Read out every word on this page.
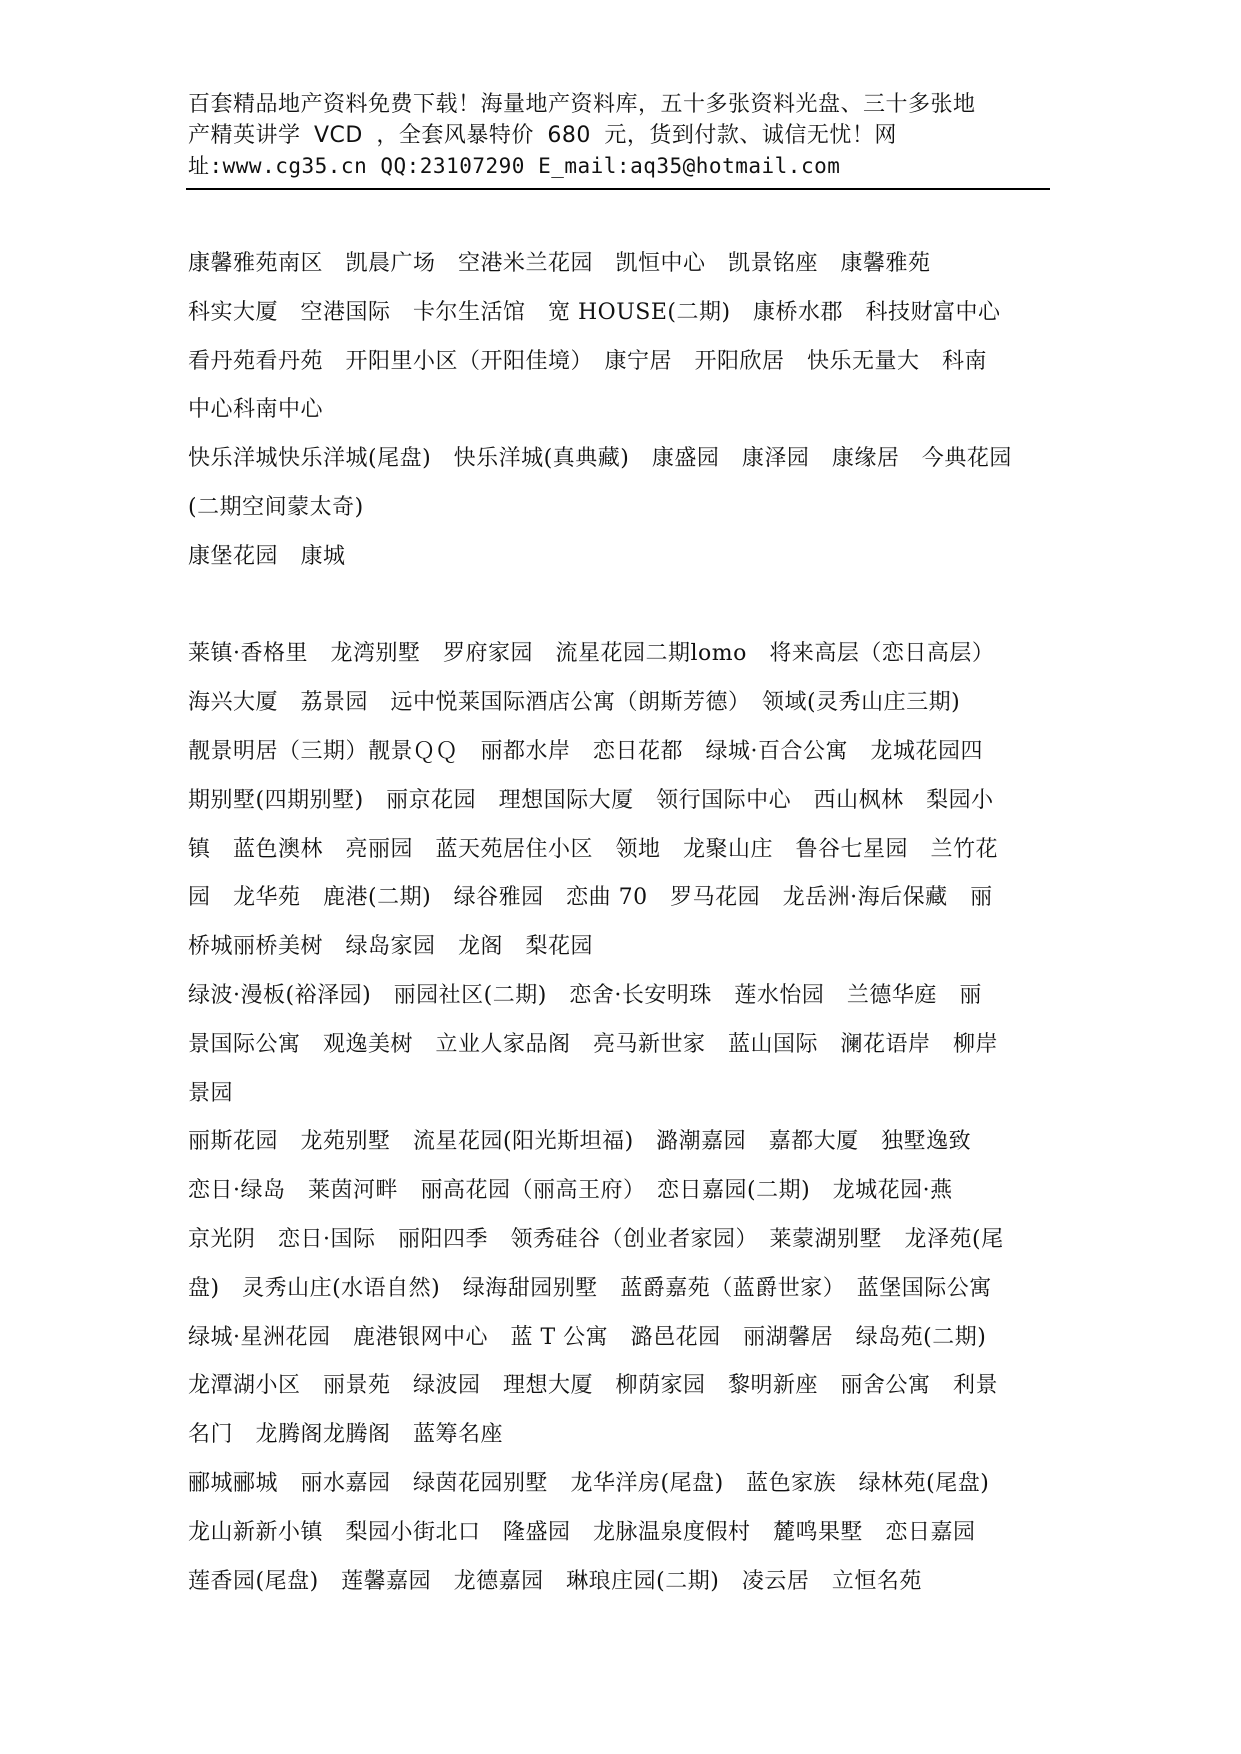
百套精品地产资料免费下载！海量地产资料库，五十多张资料光盘、三十多张地
产精英讲学 VCD ，全套风暴特价 680 元，货到付款、诚信无忧！网
址:www.cg35.cn QQ:23107290 E_mail:aq35@hotmail.com
康馨雅苑南区　凯晨广场　空港米兰花园　凯恒中心　凯景铭座　康馨雅苑
科实大厦　空港国际　卡尔生活馆　宽 HOUSE(二期)　康桥水郡　科技财富中心
看丹苑看丹苑　开阳里小区（开阳佳境）　康宁居　开阳欣居　快乐无量大　科南
中心科南中心
快乐洋城快乐洋城(尾盘)　快乐洋城(真典藏)　康盛园　康泽园　康缘居　今典花园
(二期空间蒙太奇)
康堡花园　康城
莱镇·香格里　龙湾别墅　罗府家园　流星花园二期lomo　将来高层（恋日高层）
海兴大厦　荔景园　远中悦莱国际酒店公寓（朗斯芳德）　领域(灵秀山庄三期)
靓景明居（三期）靓景ＱＱ　丽都水岸　恋日花都　绿城·百合公寓　龙城花园四
期别墅(四期别墅)　丽京花园　理想国际大厦　领行国际中心　西山枫林　梨园小
镇　蓝色澳林　亮丽园　蓝天苑居住小区　领地　龙聚山庄　鲁谷七星园　兰竹花
园　龙华苑　鹿港(二期)　绿谷雅园　恋曲 70　罗马花园　龙岳洲·海后保藏　丽
桥城丽桥美树　绿岛家园　龙阁　梨花园
绿波·漫板(裕泽园)　丽园社区(二期)　恋舍·长安明珠　莲水怡园　兰德华庭　丽
景国际公寓　观逸美树　立业人家品阁　亮马新世家　蓝山国际　澜花语岸　柳岸
景园
丽斯花园　龙苑别墅　流星花园(阳光斯坦福)　潞潮嘉园　嘉都大厦　独墅逸致
恋日·绿岛　莱茵河畔　丽高花园（丽高王府）　恋日嘉园(二期)　龙城花园·燕
京光阴　恋日·国际　丽阳四季　领秀硅谷（创业者家园）　莱蒙湖别墅　龙泽苑(尾
盘)　灵秀山庄(水语自然)　绿海甜园别墅　蓝爵嘉苑（蓝爵世家）　蓝堡国际公寓
绿城·星洲花园　鹿港银网中心　蓝 T 公寓　潞邑花园　丽湖馨居　绿岛苑(二期)
龙潭湖小区　丽景苑　绿波园　理想大厦　柳荫家园　黎明新座　丽舍公寓　利景
名门　龙腾阁龙腾阁　蓝筹名座
郦城郦城　丽水嘉园　绿茵花园别墅　龙华洋房(尾盘)　蓝色家族　绿林苑(尾盘)
龙山新新小镇　梨园小街北口　隆盛园　龙脉温泉度假村　麓鸣果墅　恋日嘉园
莲香园(尾盘)　莲馨嘉园　龙德嘉园　琳琅庄园(二期)　凌云居　立恒名苑
